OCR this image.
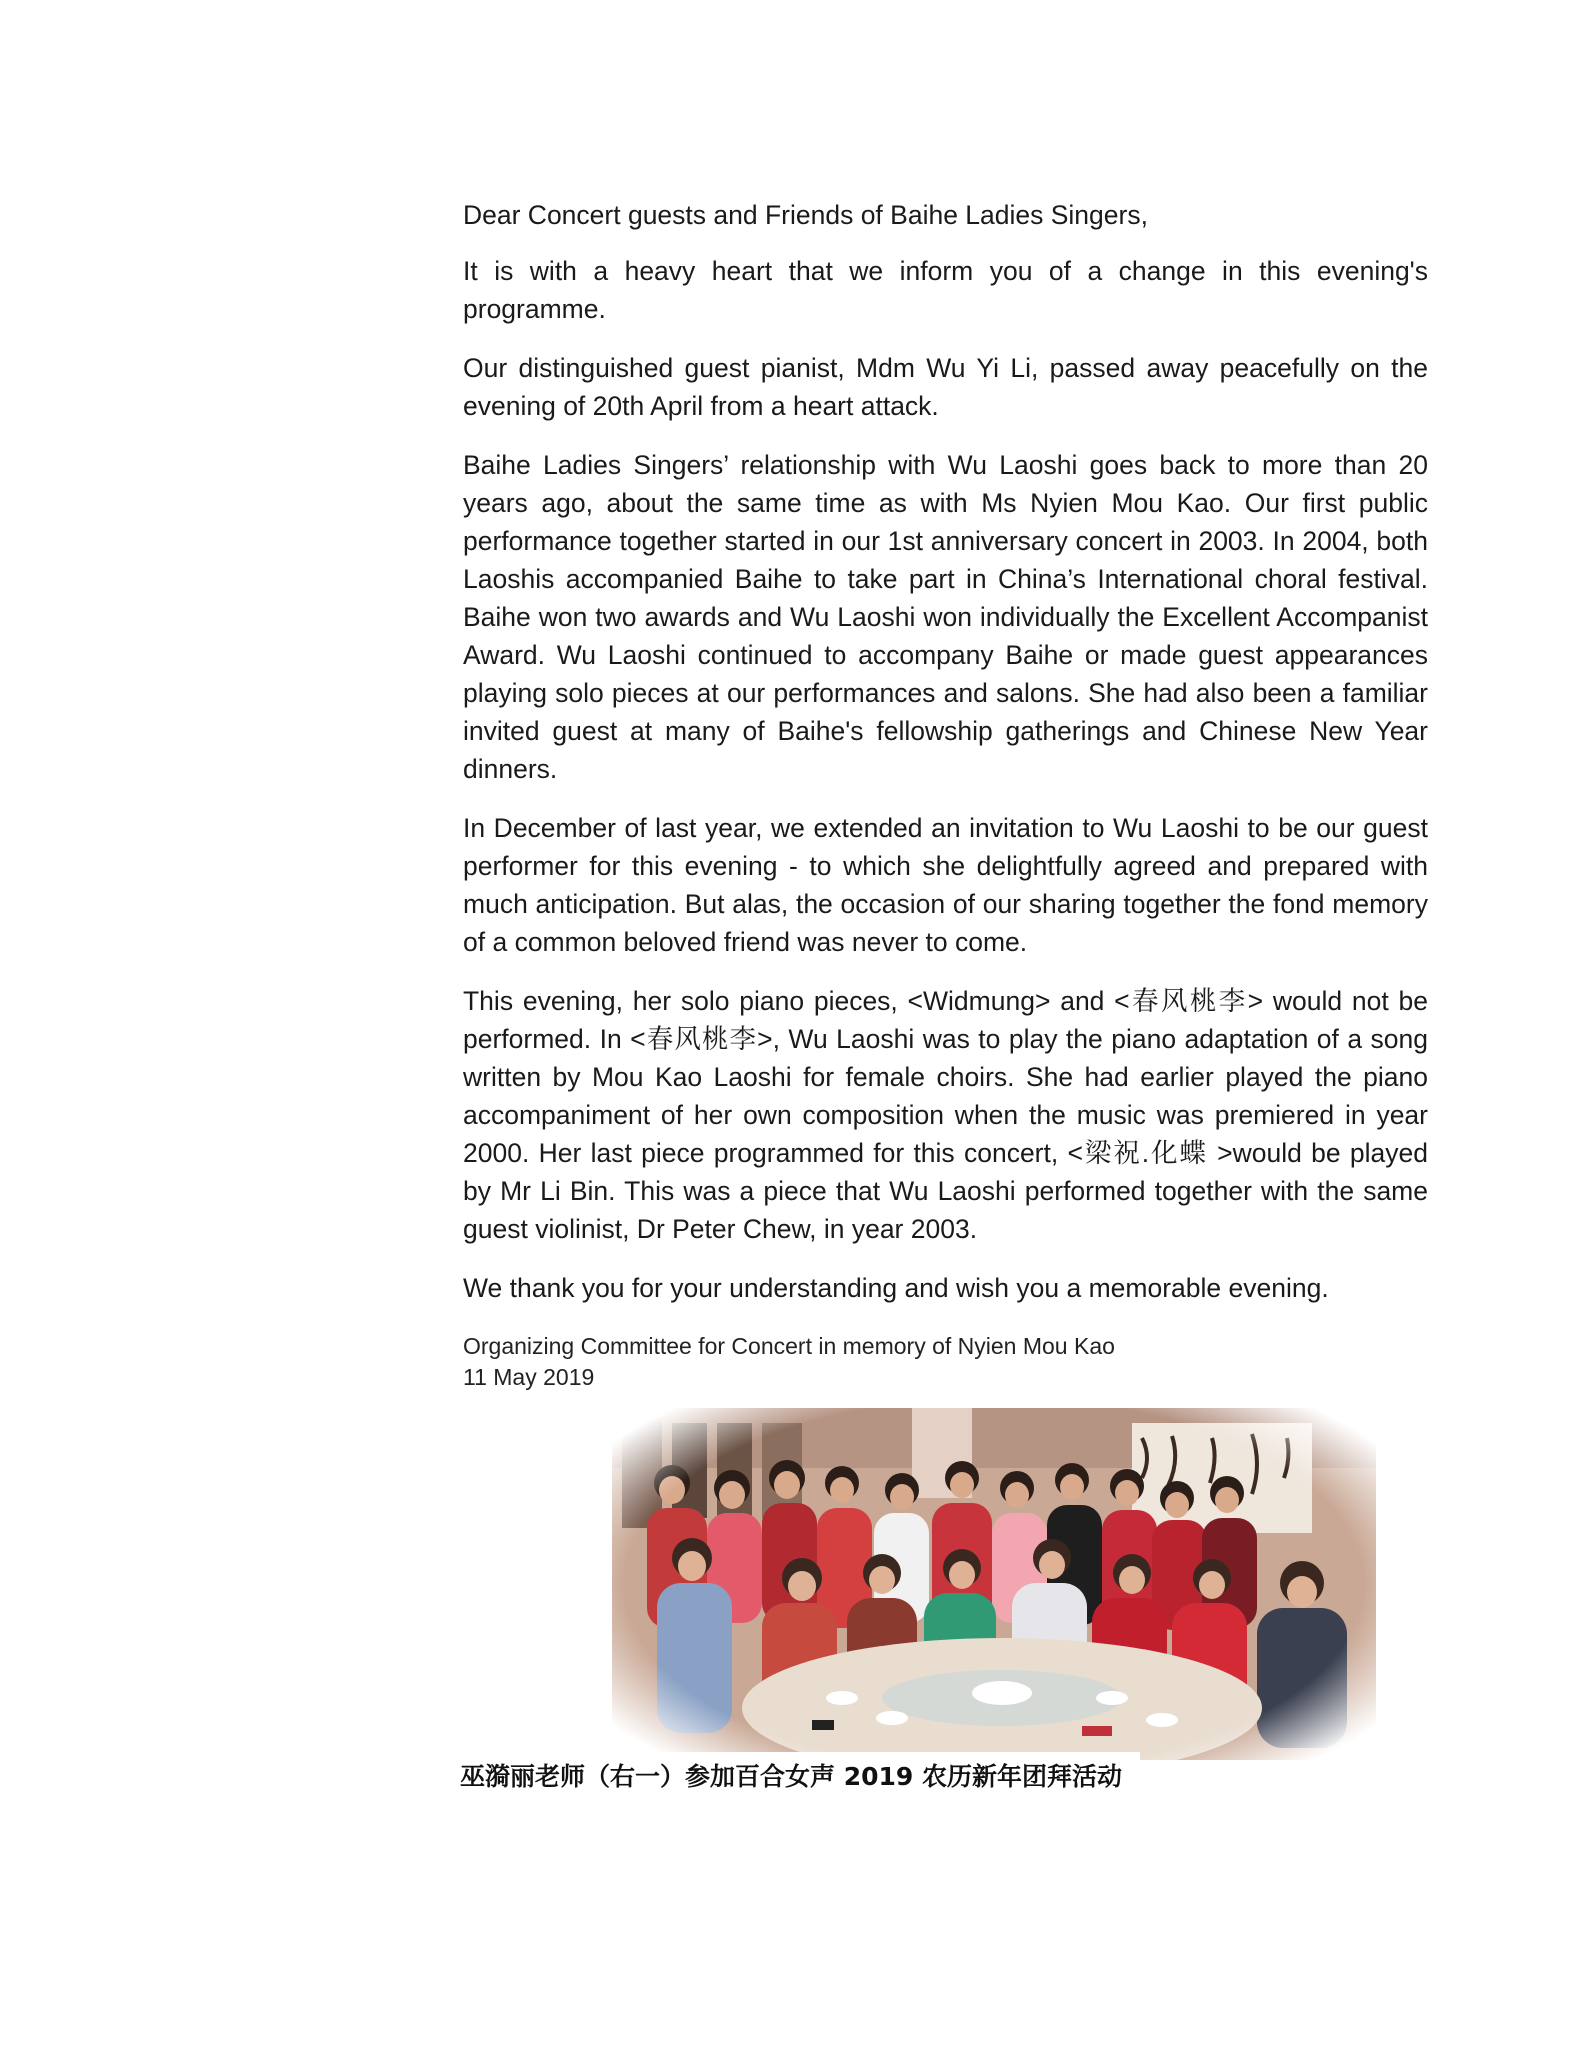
Dear Concert guests and Friends of Baihe Ladies Singers,

It is with a heavy heart that we inform you of a change in this evening's programme.

Our distinguished guest pianist, Mdm Wu Yi Li, passed away peacefully on the evening of 20th April from a heart attack.

Baihe Ladies Singers’ relationship with Wu Laoshi goes back to more than 20 years ago, about the same time as with Ms Nyien Mou Kao. Our first public performance together started in our 1st anniversary concert in 2003. In 2004, both Laoshis accompanied Baihe to take part in China’s International choral festival. Baihe won two awards and Wu Laoshi won individually the Excellent Accompanist Award. Wu Laoshi continued to accompany Baihe or made guest appearances playing solo pieces at our performances and salons. She had also been a familiar invited guest at many of Baihe's fellowship gatherings and Chinese New Year dinners.

In December of last year, we extended an invitation to Wu Laoshi to be our guest performer for this evening - to which she delightfully agreed and prepared with much anticipation. But alas, the occasion of our sharing together the fond memory of a common beloved friend was never to come.

This evening, her solo piano pieces, <Widmung> and <春风桃李> would not be performed. In <春风桃李>, Wu Laoshi was to play the piano adaptation of a song written by Mou Kao Laoshi for female choirs. She had earlier played the piano accompaniment of her own composition when the music was premiered in year 2000. Her last piece programmed for this concert, <梁祝.化蝶 >would be played by Mr Li Bin. This was a piece that Wu Laoshi performed together with the same guest violinist, Dr Peter Chew, in year 2003.

We thank you for your understanding and wish you a memorable evening.

Organizing Committee for Concert in memory of Nyien Mou Kao
11 May 2019
巫漪丽老师（右一）参加百合女声 2019 农历新年团拜活动
